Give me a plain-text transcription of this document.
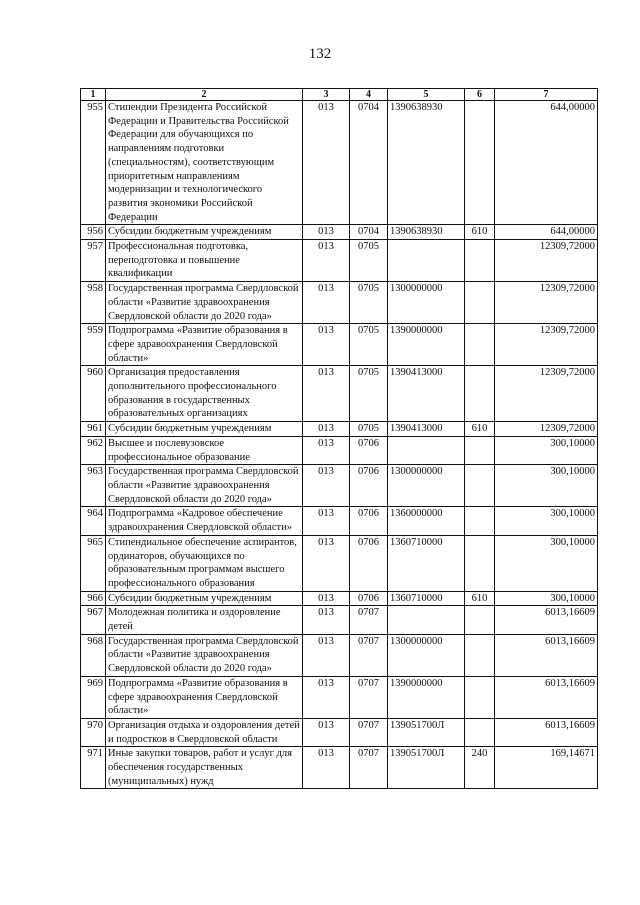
132
1	2	3	4	5	6	7
955	Стипендии Президента Российской Федерации и Правительства Российской Федерации для обучающихся по направлениям подготовки (специальностям), соответствующим приоритетным направлениям модернизации и технологического развития экономики Российской Федерации	013	0704	1390638930		644,00000
956	Субсидии бюджетным учреждениям	013	0704	1390638930	610	644,00000
957	Профессиональная подготовка, переподготовка и повышение квалификации	013	0705			12309,72000
958	Государственная программа Свердловской области «Развитие здравоохранения Свердловской области до 2020 года»	013	0705	1300000000		12309,72000
959	Подпрограмма «Развитие образования в сфере здравоохранения Свердловской области»	013	0705	1390000000		12309,72000
960	Организация предоставления дополнительного профессионального образования в государственных образовательных организациях	013	0705	1390413000		12309,72000
961	Субсидии бюджетным учреждениям	013	0705	1390413000	610	12309,72000
962	Высшее и послевузовское профессиональное образование	013	0706			300,10000
963	Государственная программа Свердловской области «Развитие здравоохранения Свердловской области до 2020 года»	013	0706	1300000000		300,10000
964	Подпрограмма «Кадровое обеспечение здравоохранения Свердловской области»	013	0706	1360000000		300,10000
965	Стипендиальное обеспечение аспирантов, ординаторов, обучающихся по образовательным программам высшего профессионального образования	013	0706	1360710000		300,10000
966	Субсидии бюджетным учреждениям	013	0706	1360710000	610	300,10000
967	Молодежная политика и оздоровление детей	013	0707			6013,16609
968	Государственная программа Свердловской области «Развитие здравоохранения Свердловской области до 2020 года»	013	0707	1300000000		6013,16609
969	Подпрограмма «Развитие образования в сфере здравоохранения Свердловской области»	013	0707	1390000000		6013,16609
970	Организация отдыха и оздоровления детей и подростков в Свердловской области	013	0707	139051700Л		6013,16609
971	Иные закупки товаров, работ и услуг для обеспечения государственных (муниципальных) нужд	013	0707	139051700Л	240	169,14671
